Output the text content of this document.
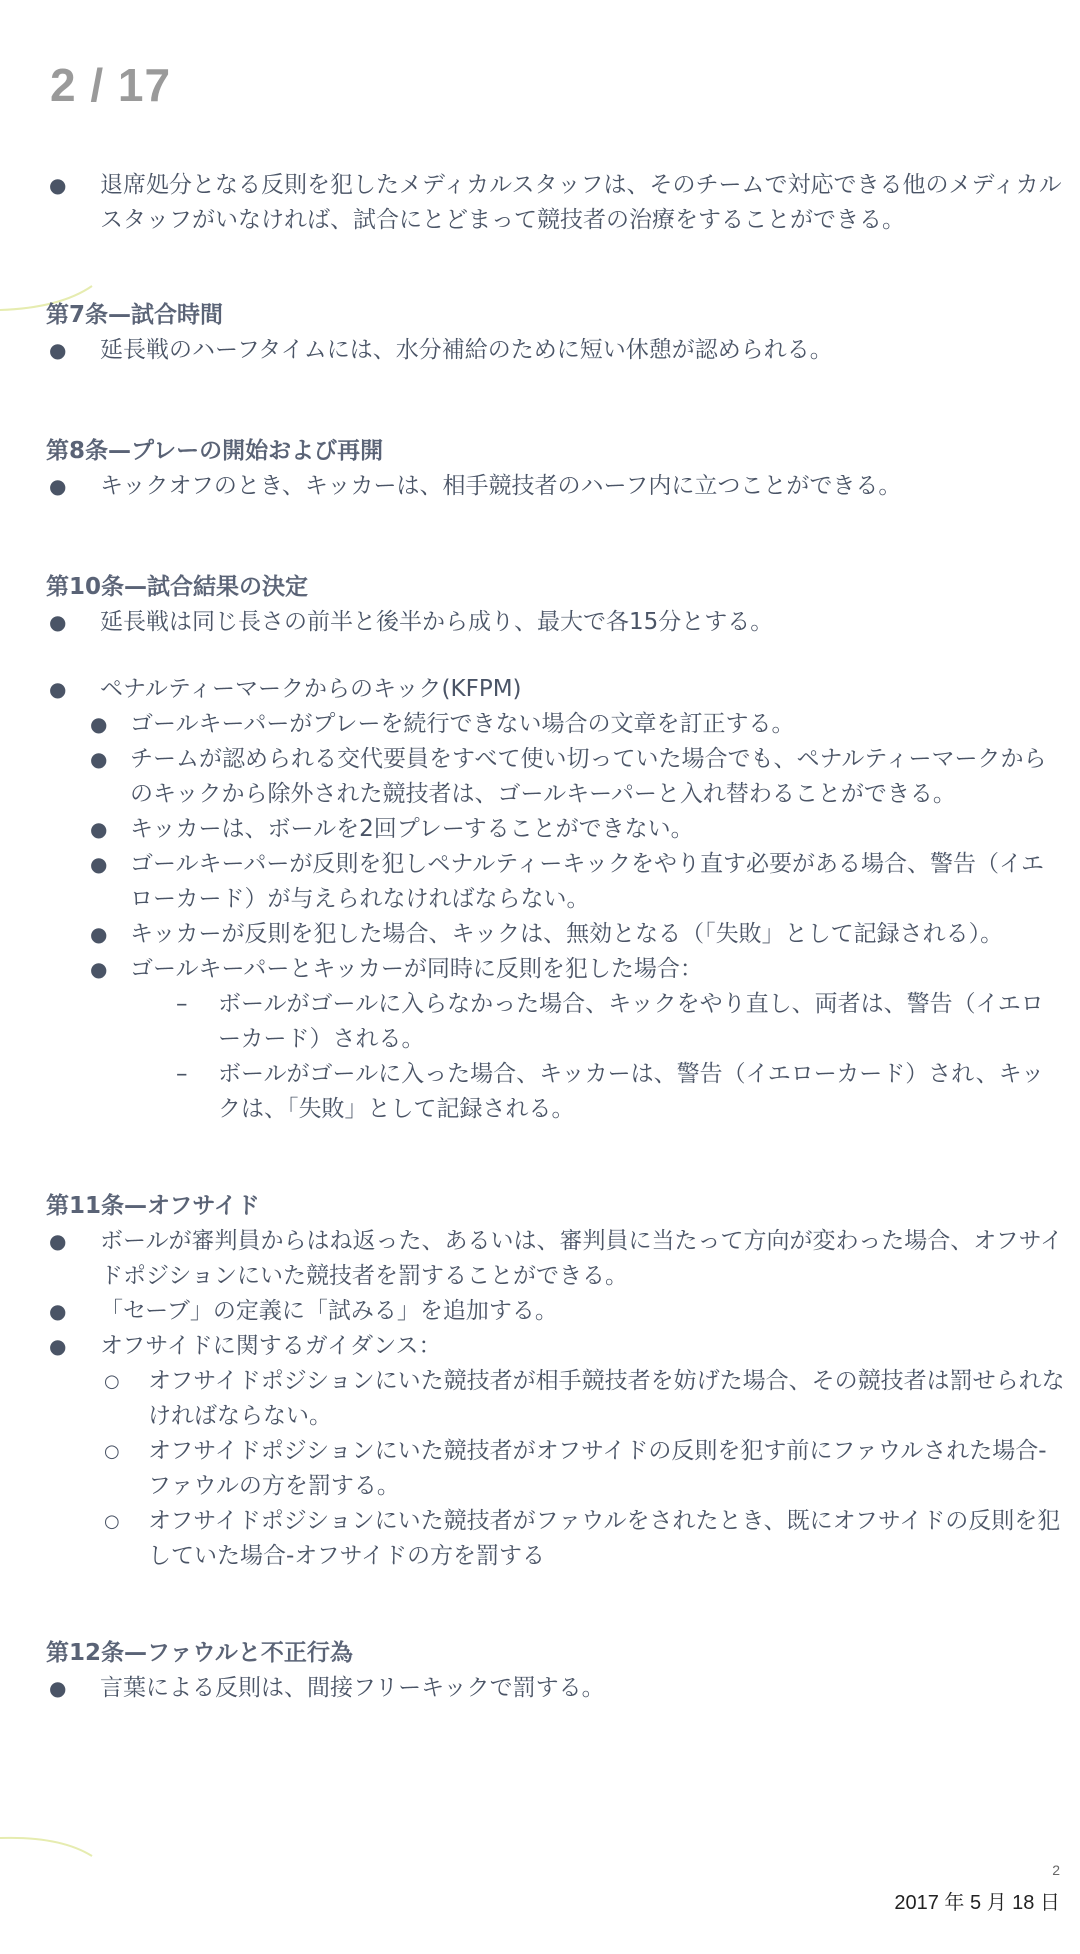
2 / 17
● 退席処分となる反則を犯したメディカルスタッフは、そのチームで対応できる他のメディカルスタッフがいなければ、試合にとどまって競技者の治療をすることができる。
第7条—試合時間
● 延長戦のハーフタイムには、水分補給のために短い休憩が認められる。
第8条—プレーの開始および再開
● キックオフのとき、キッカーは、相手競技者のハーフ内に立つことができる。
第10条—試合結果の決定
● 延長戦は同じ長さの前半と後半から成り、最大で各15分とする。
● ペナルティーマークからのキック(KFPM)
● ゴールキーパーがプレーを続行できない場合の文章を訂正する。
● チームが認められる交代要員をすべて使い切っていた場合でも、ペナルティーマークからのキックから除外された競技者は、ゴールキーパーと入れ替わることができる。
● キッカーは、ボールを2回プレーすることができない。
● ゴールキーパーが反則を犯しペナルティーキックをやり直す必要がある場合、警告（イエローカード）が与えられなければならない。
● キッカーが反則を犯した場合、キックは、無効となる（「失敗」として記録される）。
● ゴールキーパーとキッカーが同時に反則を犯した場合：
– ボールがゴールに入らなかった場合、キックをやり直し、両者は、警告（イエローカード）される。
– ボールがゴールに入った場合、キッカーは、警告（イエローカード）され、キックは、「失敗」として記録される。
第11条—オフサイド
● ボールが審判員からはね返った、あるいは、審判員に当たって方向が変わった場合、オフサイドポジションにいた競技者を罰することができる。
● 「セーブ」の定義に「試みる」を追加する。
● オフサイドに関するガイダンス：
○ オフサイドポジションにいた競技者が相手競技者を妨げた場合、その競技者は罰せられなければならない。
○ オフサイドポジションにいた競技者がオフサイドの反則を犯す前にファウルされた場合-ファウルの方を罰する。
○ オフサイドポジションにいた競技者がファウルをされたとき、既にオフサイドの反則を犯していた場合-オフサイドの方を罰する
第12条—ファウルと不正行為
● 言葉による反則は、間接フリーキックで罰する。
2
2017 年 5 月 18 日
